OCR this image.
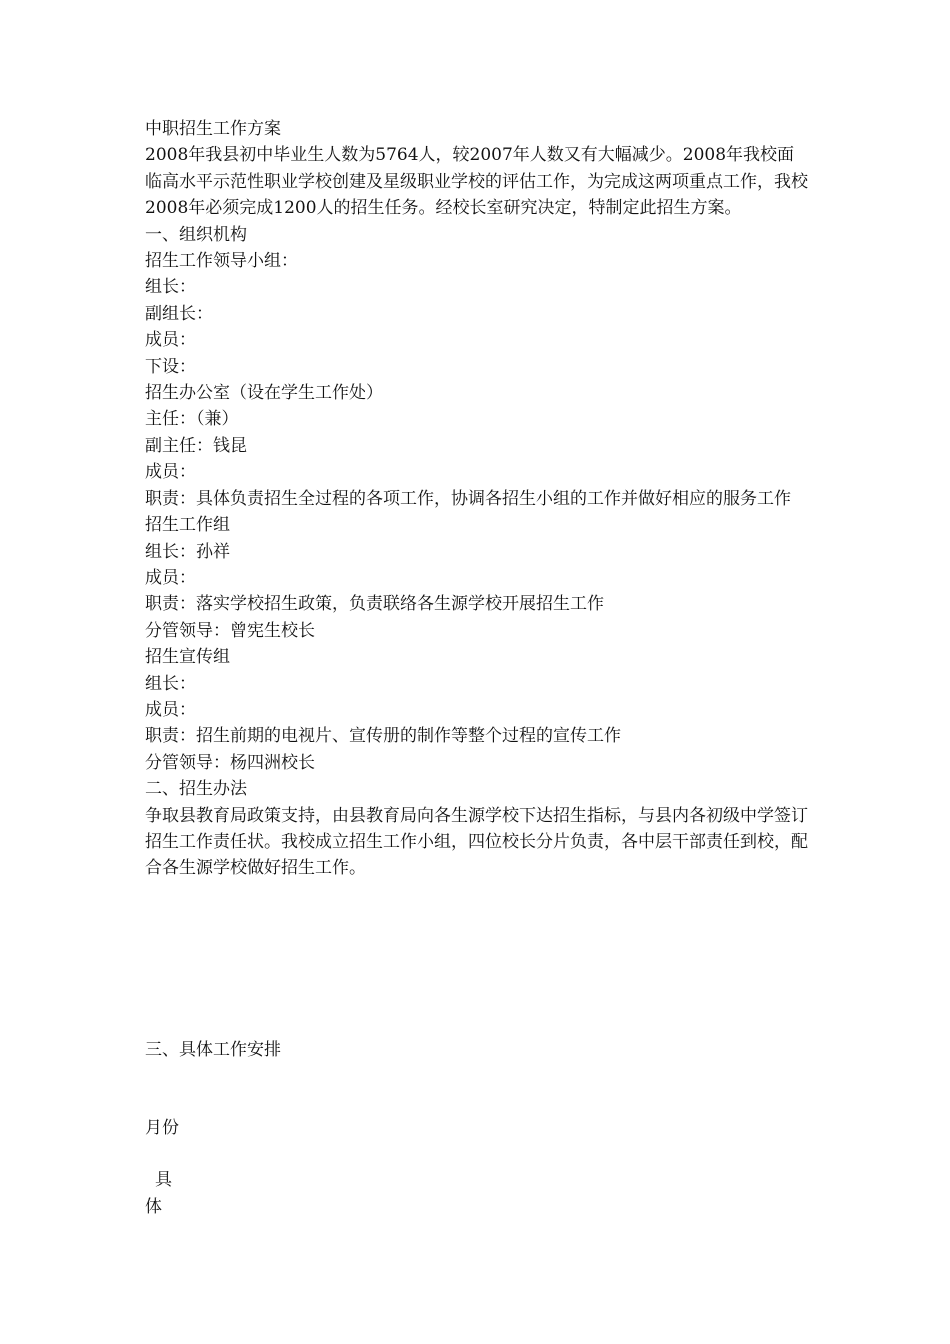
中职招生工作方案

2008年我县初中毕业生人数为5764人，较2007年人数又有大幅减少。2008年我校面临高水平示范性职业学校创建及星级职业学校的评估工作，为完成这两项重点工作，我校2008年必须完成1200人的招生任务。经校长室研究决定，特制定此招生方案。

一、组织机构

招生工作领导小组：

组长：

副组长：

成员：

下设：

招生办公室（设在学生工作处）

主任：（兼）

副主任：钱昆

成员：

职责：具体负责招生全过程的各项工作，协调各招生小组的工作并做好相应的服务工作

招生工作组

组长：孙祥

成员：

职责：落实学校招生政策，负责联络各生源学校开展招生工作

分管领导：曾宪生校长

招生宣传组

组长：

成员：

职责：招生前期的电视片、宣传册的制作等整个过程的宣传工作

分管领导：杨四洲校长

二、招生办法

争取县教育局政策支持，由县教育局向各生源学校下达招生指标，与县内各初级中学签订招生工作责任状。我校成立招生工作小组，四位校长分片负责，各中层干部责任到校，配合各生源学校做好招生工作。

三、具体工作安排
月份
具
体
